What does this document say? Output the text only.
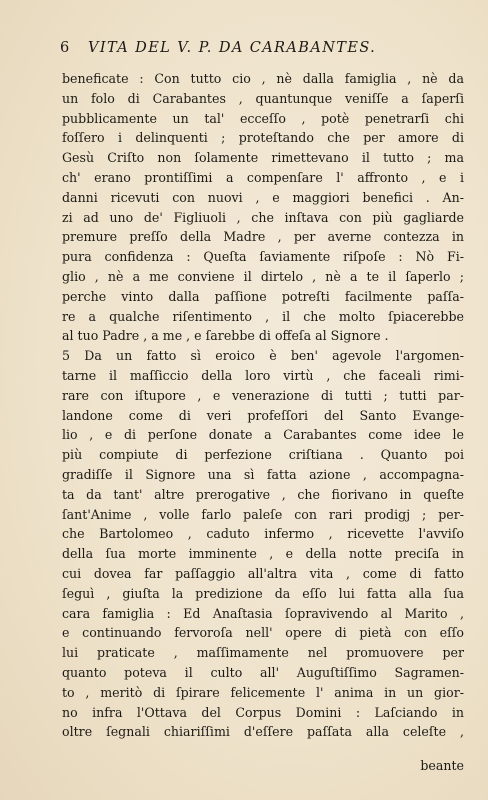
6 VITA DEL V. P. DA CARABANTES.
beneficate : Con tutto cio , nè dalla famiglia , nè da
un folo di Carabantes , quantunque veniſſe a ſaperſi
pubblicamente un tal' ecceſſo , potè penetrarſi chi
foſſero i delinquenti ; proteſtando che per amore di
Gesù Criſto non ſolamente rimettevano il tutto ; ma
ch' erano prontiſſimi a compenſare l' affronto , e i
danni ricevuti con nuovi , e maggiori benefici . An-
zi ad uno de' Figliuoli , che inſtava con più gagliarde
premure preſſo della Madre , per averne contezza in
pura confidenza : Queſta ſaviamente riſpoſe : Nò Fi-
glio , nè a me conviene il dirtelo , nè a te il ſaperlo ;
perche vinto dalla paſſione potreſti facilmente paſſa-
re a qualche riſentimento , il che molto ſpiacerebbe
al tuo Padre , a me , e ſarebbe di offeſa al Signore .
5 Da un fatto sì eroico è ben' agevole l'argomen-
tarne il maſſiccio della loro virtù , che faceali rimi-
rare con iſtupore , e venerazione di tutti ; tutti par-
landone come di veri profeſſori del Santo Evange-
lio , e di perſone donate a Carabantes come idee le
più compiute di perfezione criſtiana . Quanto poi
gradiſſe il Signore una sì fatta azione , accompagna-
ta da tant' altre prerogative , che fiorivano in queſte
ſant'Anime , volle farlo paleſe con rari prodigj ; per-
che Bartolomeo , caduto infermo , ricevette l'avviſo
della ſua morte imminente , e della notte preciſa in
cui dovea far paſſaggio all'altra vita , come di fatto
ſeguì , giuſta la predizione da eſſo lui fatta alla ſua
cara famiglia : Ed Anaſtasia ſopravivendo al Marito ,
e continuando fervoroſa nell' opere di pietà con eſſo
lui praticate , maſſimamente nel promuovere per
quanto poteva il culto all' Auguſtiſſimo Sagramen-
to , meritò di ſpirare felicemente l' anima in un gior-
no infra l'Ottava del Corpus Domini : Laſciando in
oltre ſegnali chiariſſimi d'eſſere paſſata alla celeſte ,
beante
